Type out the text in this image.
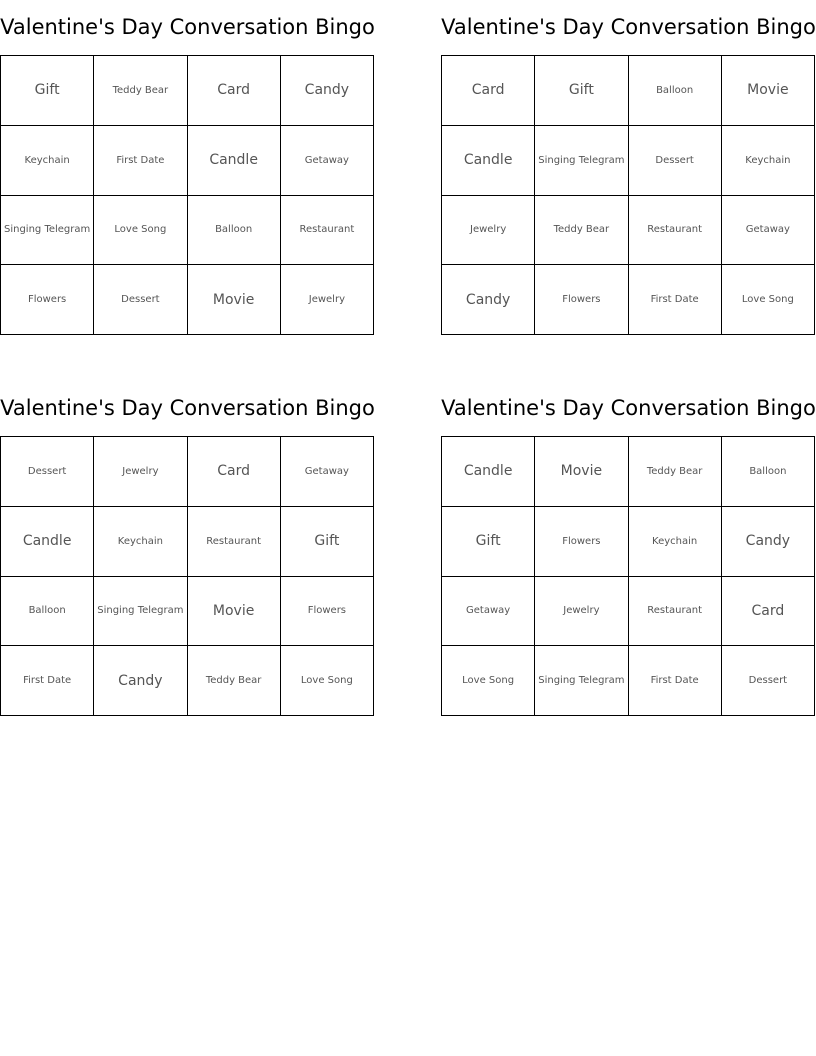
Valentine's Day Conversation Bingo
Gift	Teddy Bear	Card	Candy
Keychain	First Date	Candle	Getaway
Singing Telegram	Love Song	Balloon	Restaurant
Flowers	Dessert	Movie	Jewelry
Valentine's Day Conversation Bingo
Card	Gift	Balloon	Movie
Candle	Singing Telegram	Dessert	Keychain
Jewelry	Teddy Bear	Restaurant	Getaway
Candy	Flowers	First Date	Love Song
Valentine's Day Conversation Bingo
Dessert	Jewelry	Card	Getaway
Candle	Keychain	Restaurant	Gift
Balloon	Singing Telegram	Movie	Flowers
First Date	Candy	Teddy Bear	Love Song
Valentine's Day Conversation Bingo
Candle	Movie	Teddy Bear	Balloon
Gift	Flowers	Keychain	Candy
Getaway	Jewelry	Restaurant	Card
Love Song	Singing Telegram	First Date	Dessert
